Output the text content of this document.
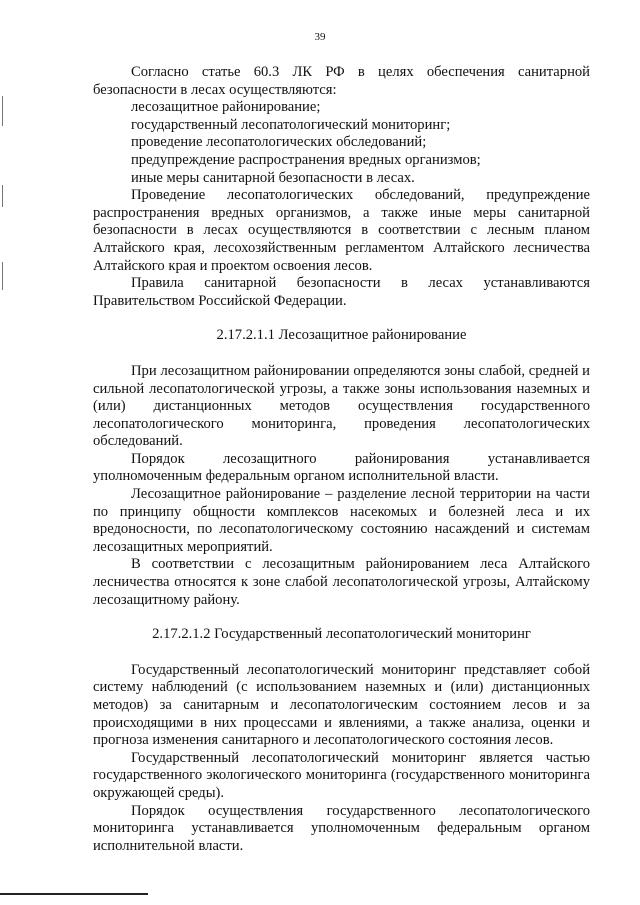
39

Согласно статье 60.3 ЛК РФ в целях обеспечения санитарной безопасности в лесах осуществляются:

лесозащитное районирование;

государственный лесопатологический мониторинг;

проведение лесопатологических обследований;

предупреждение распространения вредных организмов;

иные меры санитарной безопасности в лесах.

Проведение лесопатологических обследований, предупреждение распространения вредных организмов, а также иные меры санитарной безопасности в лесах осуществляются в соответствии с лесным планом Алтайского края, лесохозяйственным регламентом Алтайского лесничества Алтайского края и проектом освоения лесов.

Правила санитарной безопасности в лесах устанавливаются Правительством Российской Федерации.

2.17.2.1.1 Лесозащитное районирование

При лесозащитном районировании определяются зоны слабой, средней и сильной лесопатологической угрозы, а также зоны использования наземных и (или) дистанционных методов осуществления государственного лесопатологического мониторинга, проведения лесопатологических обследований.

Порядок лесозащитного районирования устанавливается уполномоченным федеральным органом исполнительной власти.

Лесозащитное районирование – разделение лесной территории на части по принципу общности комплексов насекомых и болезней леса и их вредоносности, по лесопатологическому состоянию насаждений и системам лесозащитных мероприятий.

В соответствии с лесозащитным районированием леса Алтайского лесничества относятся к зоне слабой лесопатологической угрозы, Алтайскому лесозащитному району.

2.17.2.1.2 Государственный лесопатологический мониторинг

Государственный лесопатологический мониторинг представляет собой систему наблюдений (с использованием наземных и (или) дистанционных методов) за санитарным и лесопатологическим состоянием лесов и за происходящими в них процессами и явлениями, а также анализа, оценки и прогноза изменения санитарного и лесопатологического состояния лесов.

Государственный лесопатологический мониторинг является частью государственного экологического мониторинга (государственного мониторинга окружающей среды).

Порядок осуществления государственного лесопатологического мониторинга устанавливается уполномоченным федеральным органом исполнительной власти.
